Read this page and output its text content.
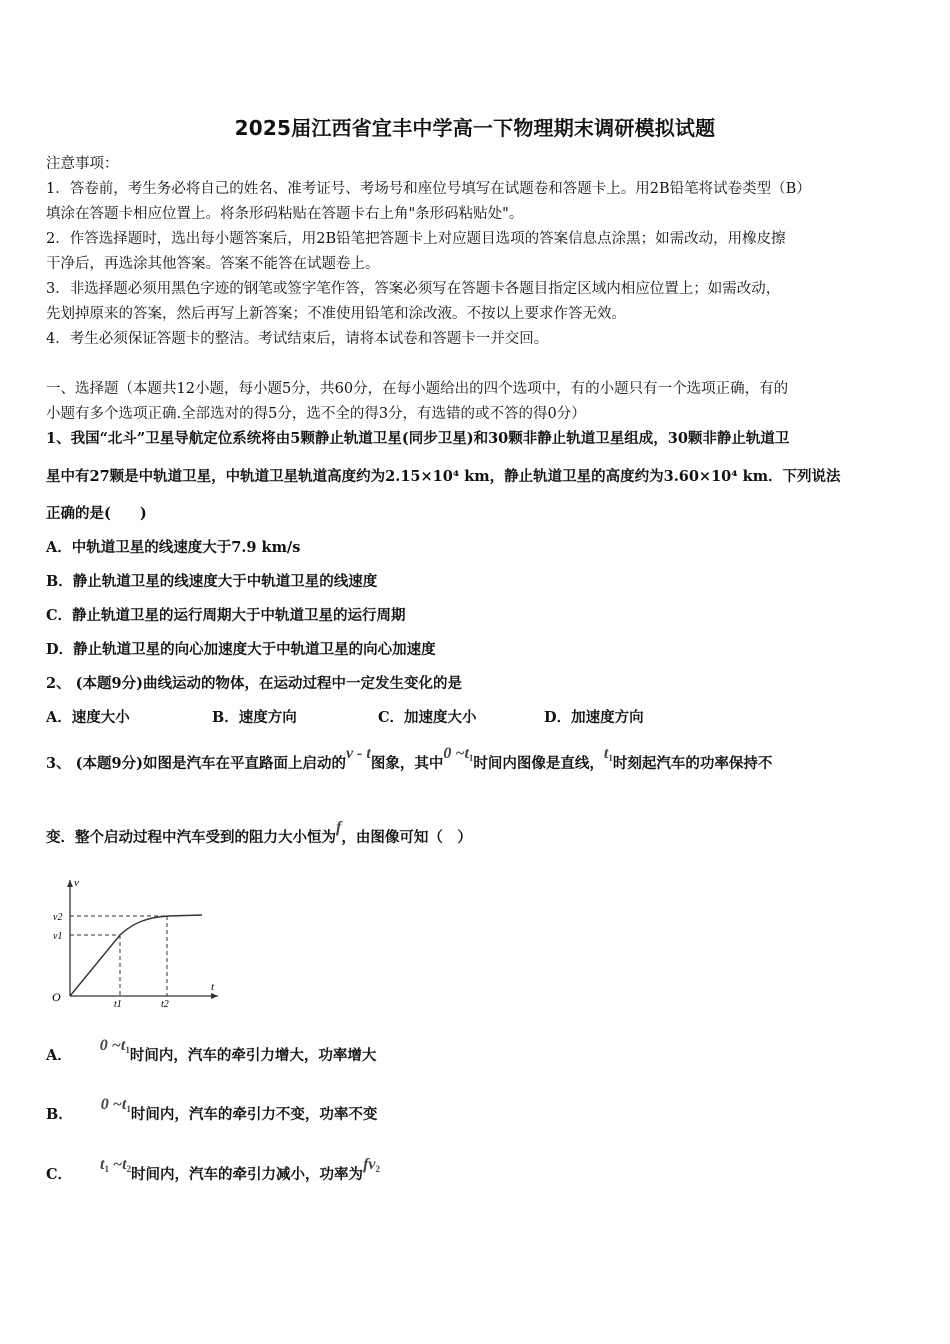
2025届江西省宜丰中学高一下物理期末调研模拟试题
注意事项：
1．答卷前，考生务必将自己的姓名、准考证号、考场号和座位号填写在试题卷和答题卡上。用2B铅笔将试卷类型（B）
填涂在答题卡相应位置上。将条形码粘贴在答题卡右上角"条形码粘贴处"。
2．作答选择题时，选出每小题答案后，用2B铅笔把答题卡上对应题目选项的答案信息点涂黑；如需改动，用橡皮擦
干净后，再选涂其他答案。答案不能答在试题卷上。
3．非选择题必须用黑色字迹的钢笔或签字笔作答，答案必须写在答题卡各题目指定区域内相应位置上；如需改动，
先划掉原来的答案，然后再写上新答案；不准使用铅笔和涂改液。不按以上要求作答无效。
4．考生必须保证答题卡的整洁。考试结束后，请将本试卷和答题卡一并交回。
一、选择题（本题共12小题，每小题5分，共60分，在每小题给出的四个选项中，有的小题只有一个选项正确，有的
小题有多个选项正确.全部选对的得5分，选不全的得3分，有选错的或不答的得0分）
1、我国“北斗”卫星导航定位系统将由5颗静止轨道卫星(同步卫星)和30颗非静止轨道卫星组成，30颗非静止轨道卫
星中有27颗是中轨道卫星，中轨道卫星轨道高度约为2.15×10⁴ km，静止轨道卫星的高度约为3.60×10⁴ km．下列说法
正确的是(　　)
A．中轨道卫星的线速度大于7.9 km/s
B．静止轨道卫星的线速度大于中轨道卫星的线速度
C．静止轨道卫星的运行周期大于中轨道卫星的运行周期
D．静止轨道卫星的向心加速度大于中轨道卫星的向心加速度
2、 (本题9分)曲线运动的物体，在运动过程中一定发生变化的是
A．速度大小	B．速度方向	C．加速度大小	D．加速度方向
3、 (本题9分)如图是汽车在平直路面上启动的v - t图象，其中0 $\sim t_1$时间内图像是直线，$t_1$时刻起汽车的功率保持不
变．整个启动过程中汽车受到的阻力大小恒为f，由图像可知（　）
v
t
O
v2
v1
t1	t2
A．0 $\sim t_1$时间内，汽车的牵引力增大，功率增大
B．0 $\sim t_1$时间内，汽车的牵引力不变，功率不变
C．$t_1$ $\sim t_2$时间内，汽车的牵引力减小，功率为$fv_2$
